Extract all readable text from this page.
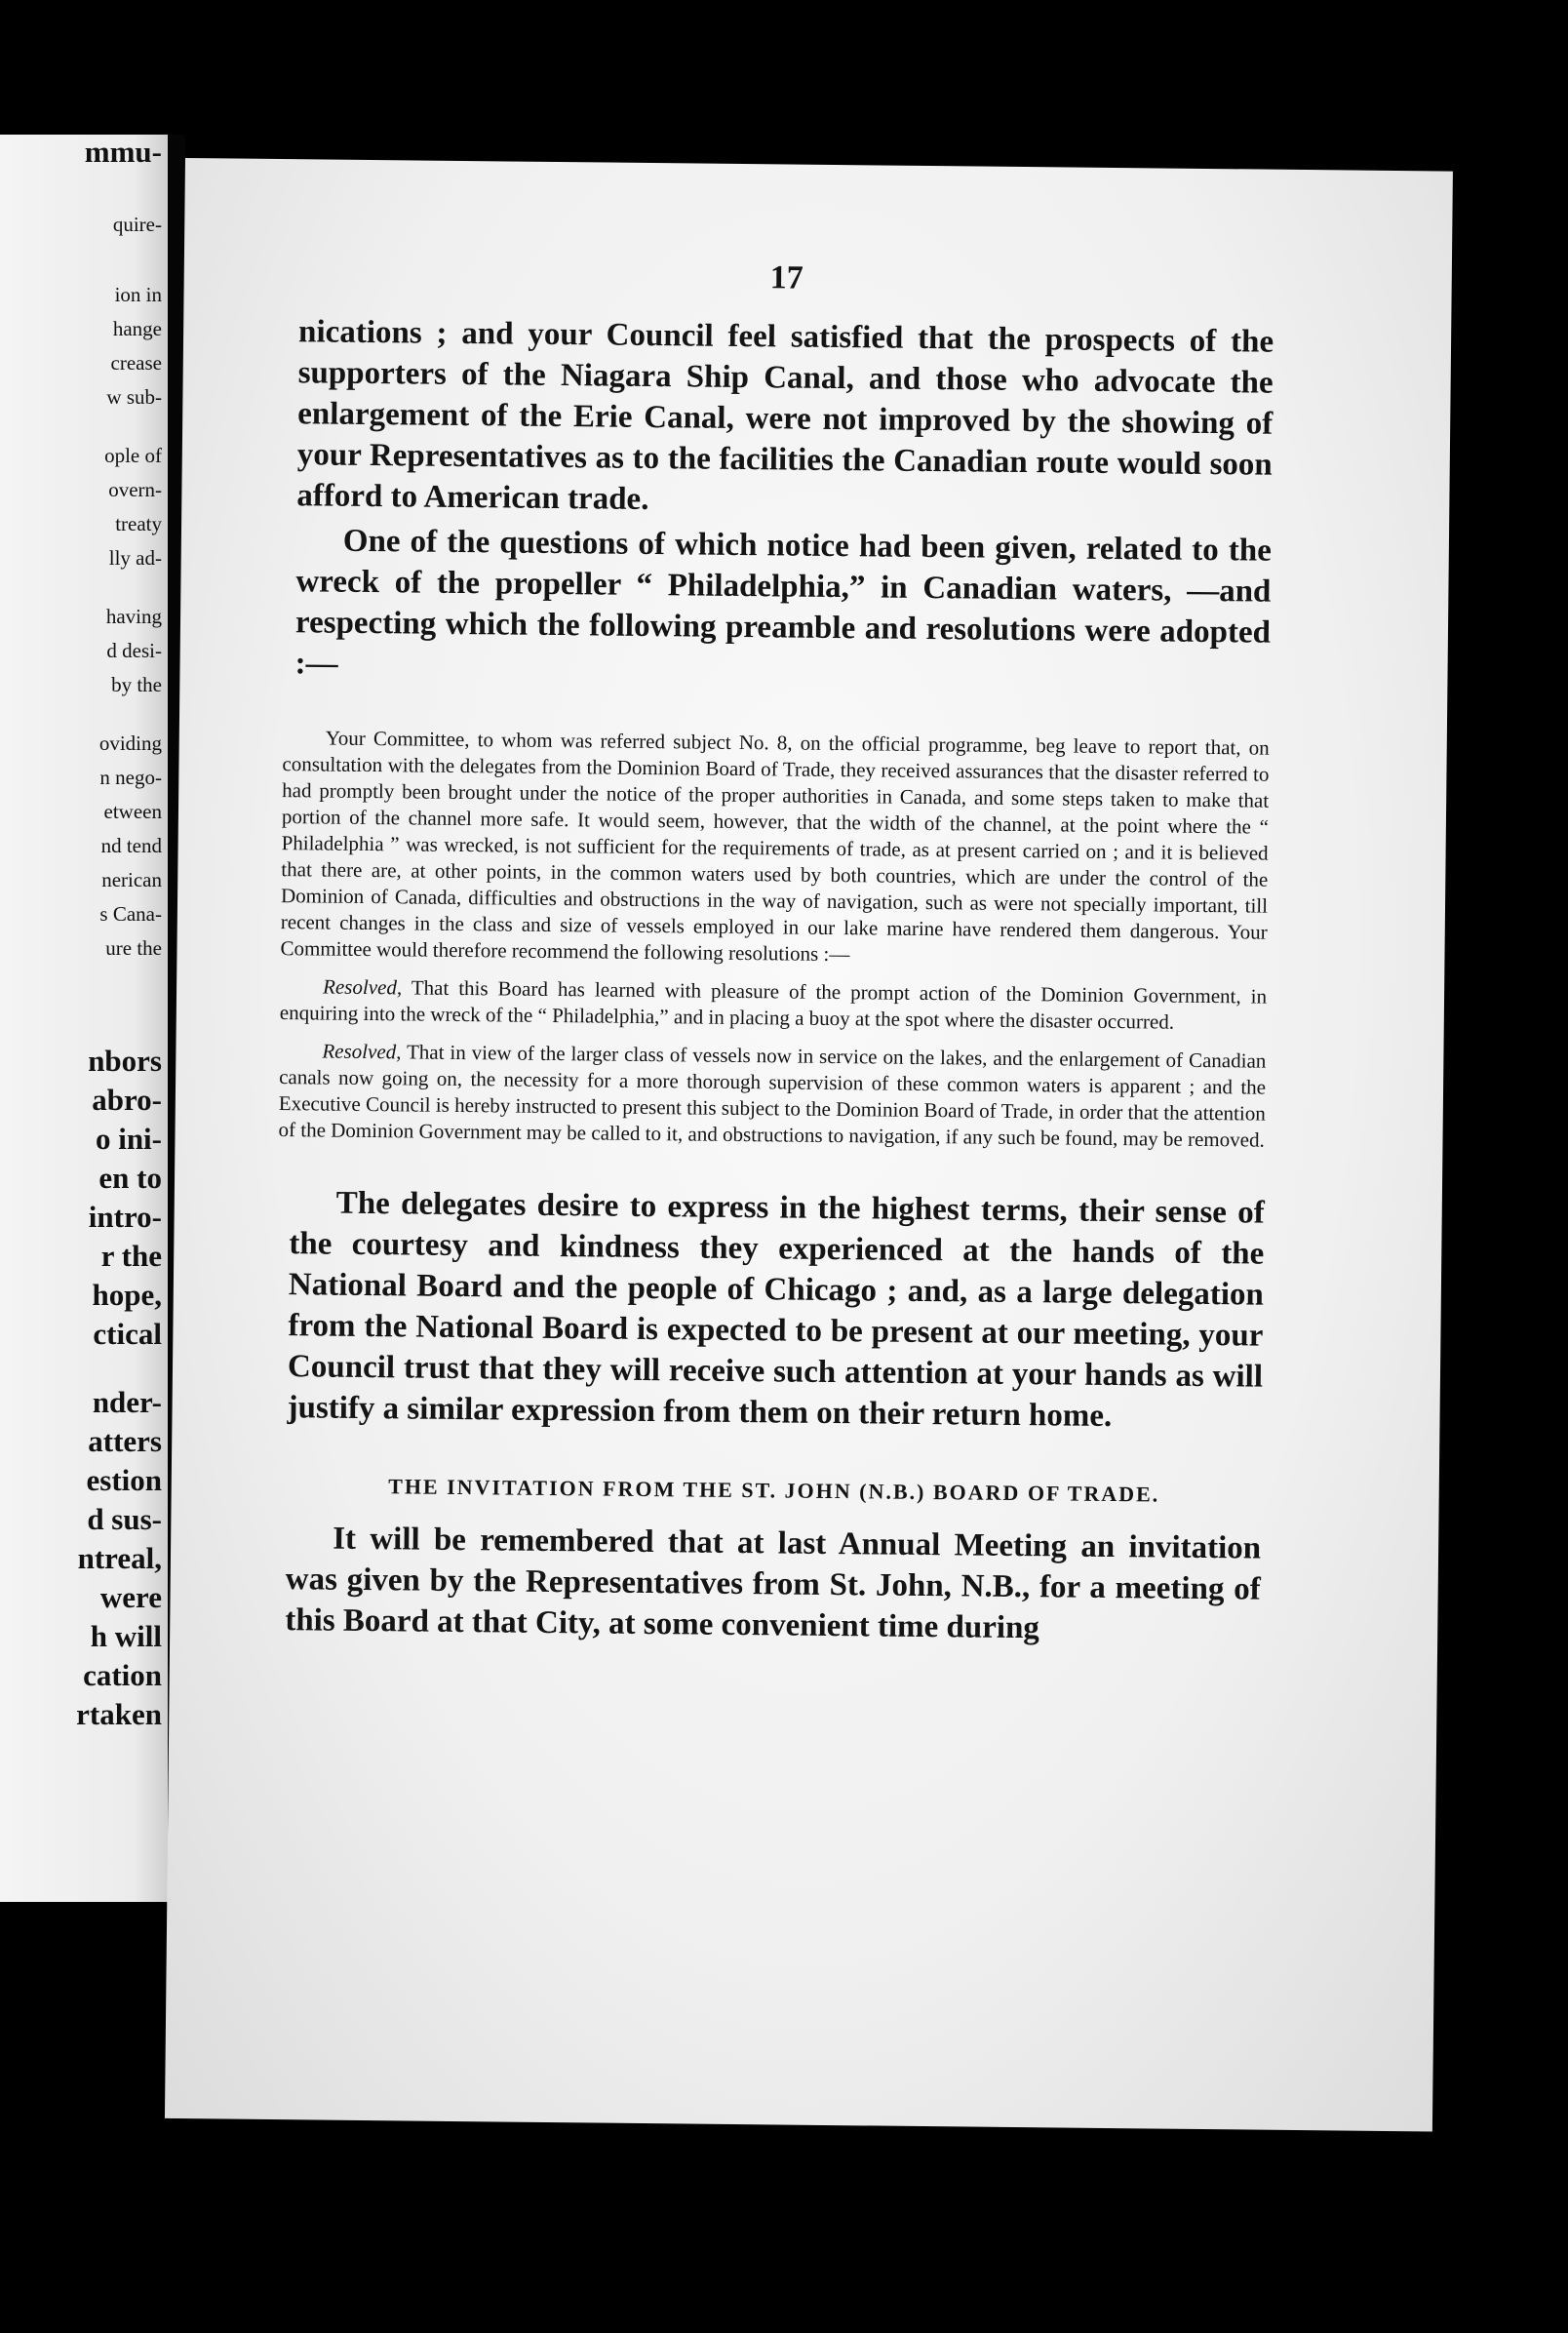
quire-
ion in
hange
crease
w sub-
ople of
overn-
treaty
lly ad-
having
d desi-
by the
oviding
n nego-
etween
nd tend
nerican
s Cana-
ure the
nbors
abro-
o ini-
en to
intro-
r the
hope,
ctical
nder-
atters
estion
d sus-
ntreal,
were
h will
cation
rtaken
mmu-
17

nications ; and your Council feel satisfied that the prospects of the supporters of the Niagara Ship Canal, and those who advocate the enlargement of the Erie Canal, were not improved by the showing of your Representatives as to the facilities the Canadian route would soon afford to American trade.

One of the questions of which notice had been given, related to the wreck of the propeller “ Philadelphia,” in Canadian waters, —and respecting which the following preamble and resolutions were adopted :—

Your Committee, to whom was referred subject No. 8, on the official programme, beg leave to report that, on consultation with the delegates from the Dominion Board of Trade, they received assurances that the disaster referred to had promptly been brought under the notice of the proper authorities in Canada, and some steps taken to make that portion of the channel more safe. It would seem, however, that the width of the channel, at the point where the “ Philadelphia ” was wrecked, is not sufficient for the requirements of trade, as at present carried on ; and it is believed that there are, at other points, in the common waters used by both countries, which are under the control of the Dominion of Canada, difficulties and obstructions in the way of navigation, such as were not specially important, till recent changes in the class and size of vessels employed in our lake marine have rendered them dangerous. Your Committee would therefore recommend the following resolutions :—

Resolved, That this Board has learned with pleasure of the prompt action of the Dominion Government, in enquiring into the wreck of the “ Philadelphia,” and in placing a buoy at the spot where the disaster occurred.

Resolved, That in view of the larger class of vessels now in service on the lakes, and the enlargement of Canadian canals now going on, the necessity for a more thorough supervision of these common waters is apparent ; and the Executive Council is hereby instructed to present this subject to the Dominion Board of Trade, in order that the attention of the Dominion Government may be called to it, and obstructions to navigation, if any such be found, may be removed.

The delegates desire to express in the highest terms, their sense of the courtesy and kindness they experienced at the hands of the National Board and the people of Chicago ; and, as a large delegation from the National Board is expected to be present at our meeting, your Council trust that they will receive such attention at your hands as will justify a similar expression from them on their return home.

THE INVITATION FROM THE ST. JOHN (N.B.) BOARD OF TRADE.

It will be remembered that at last Annual Meeting an invitation was given by the Representatives from St. John, N.B., for a meeting of this Board at that City, at some convenient time during
